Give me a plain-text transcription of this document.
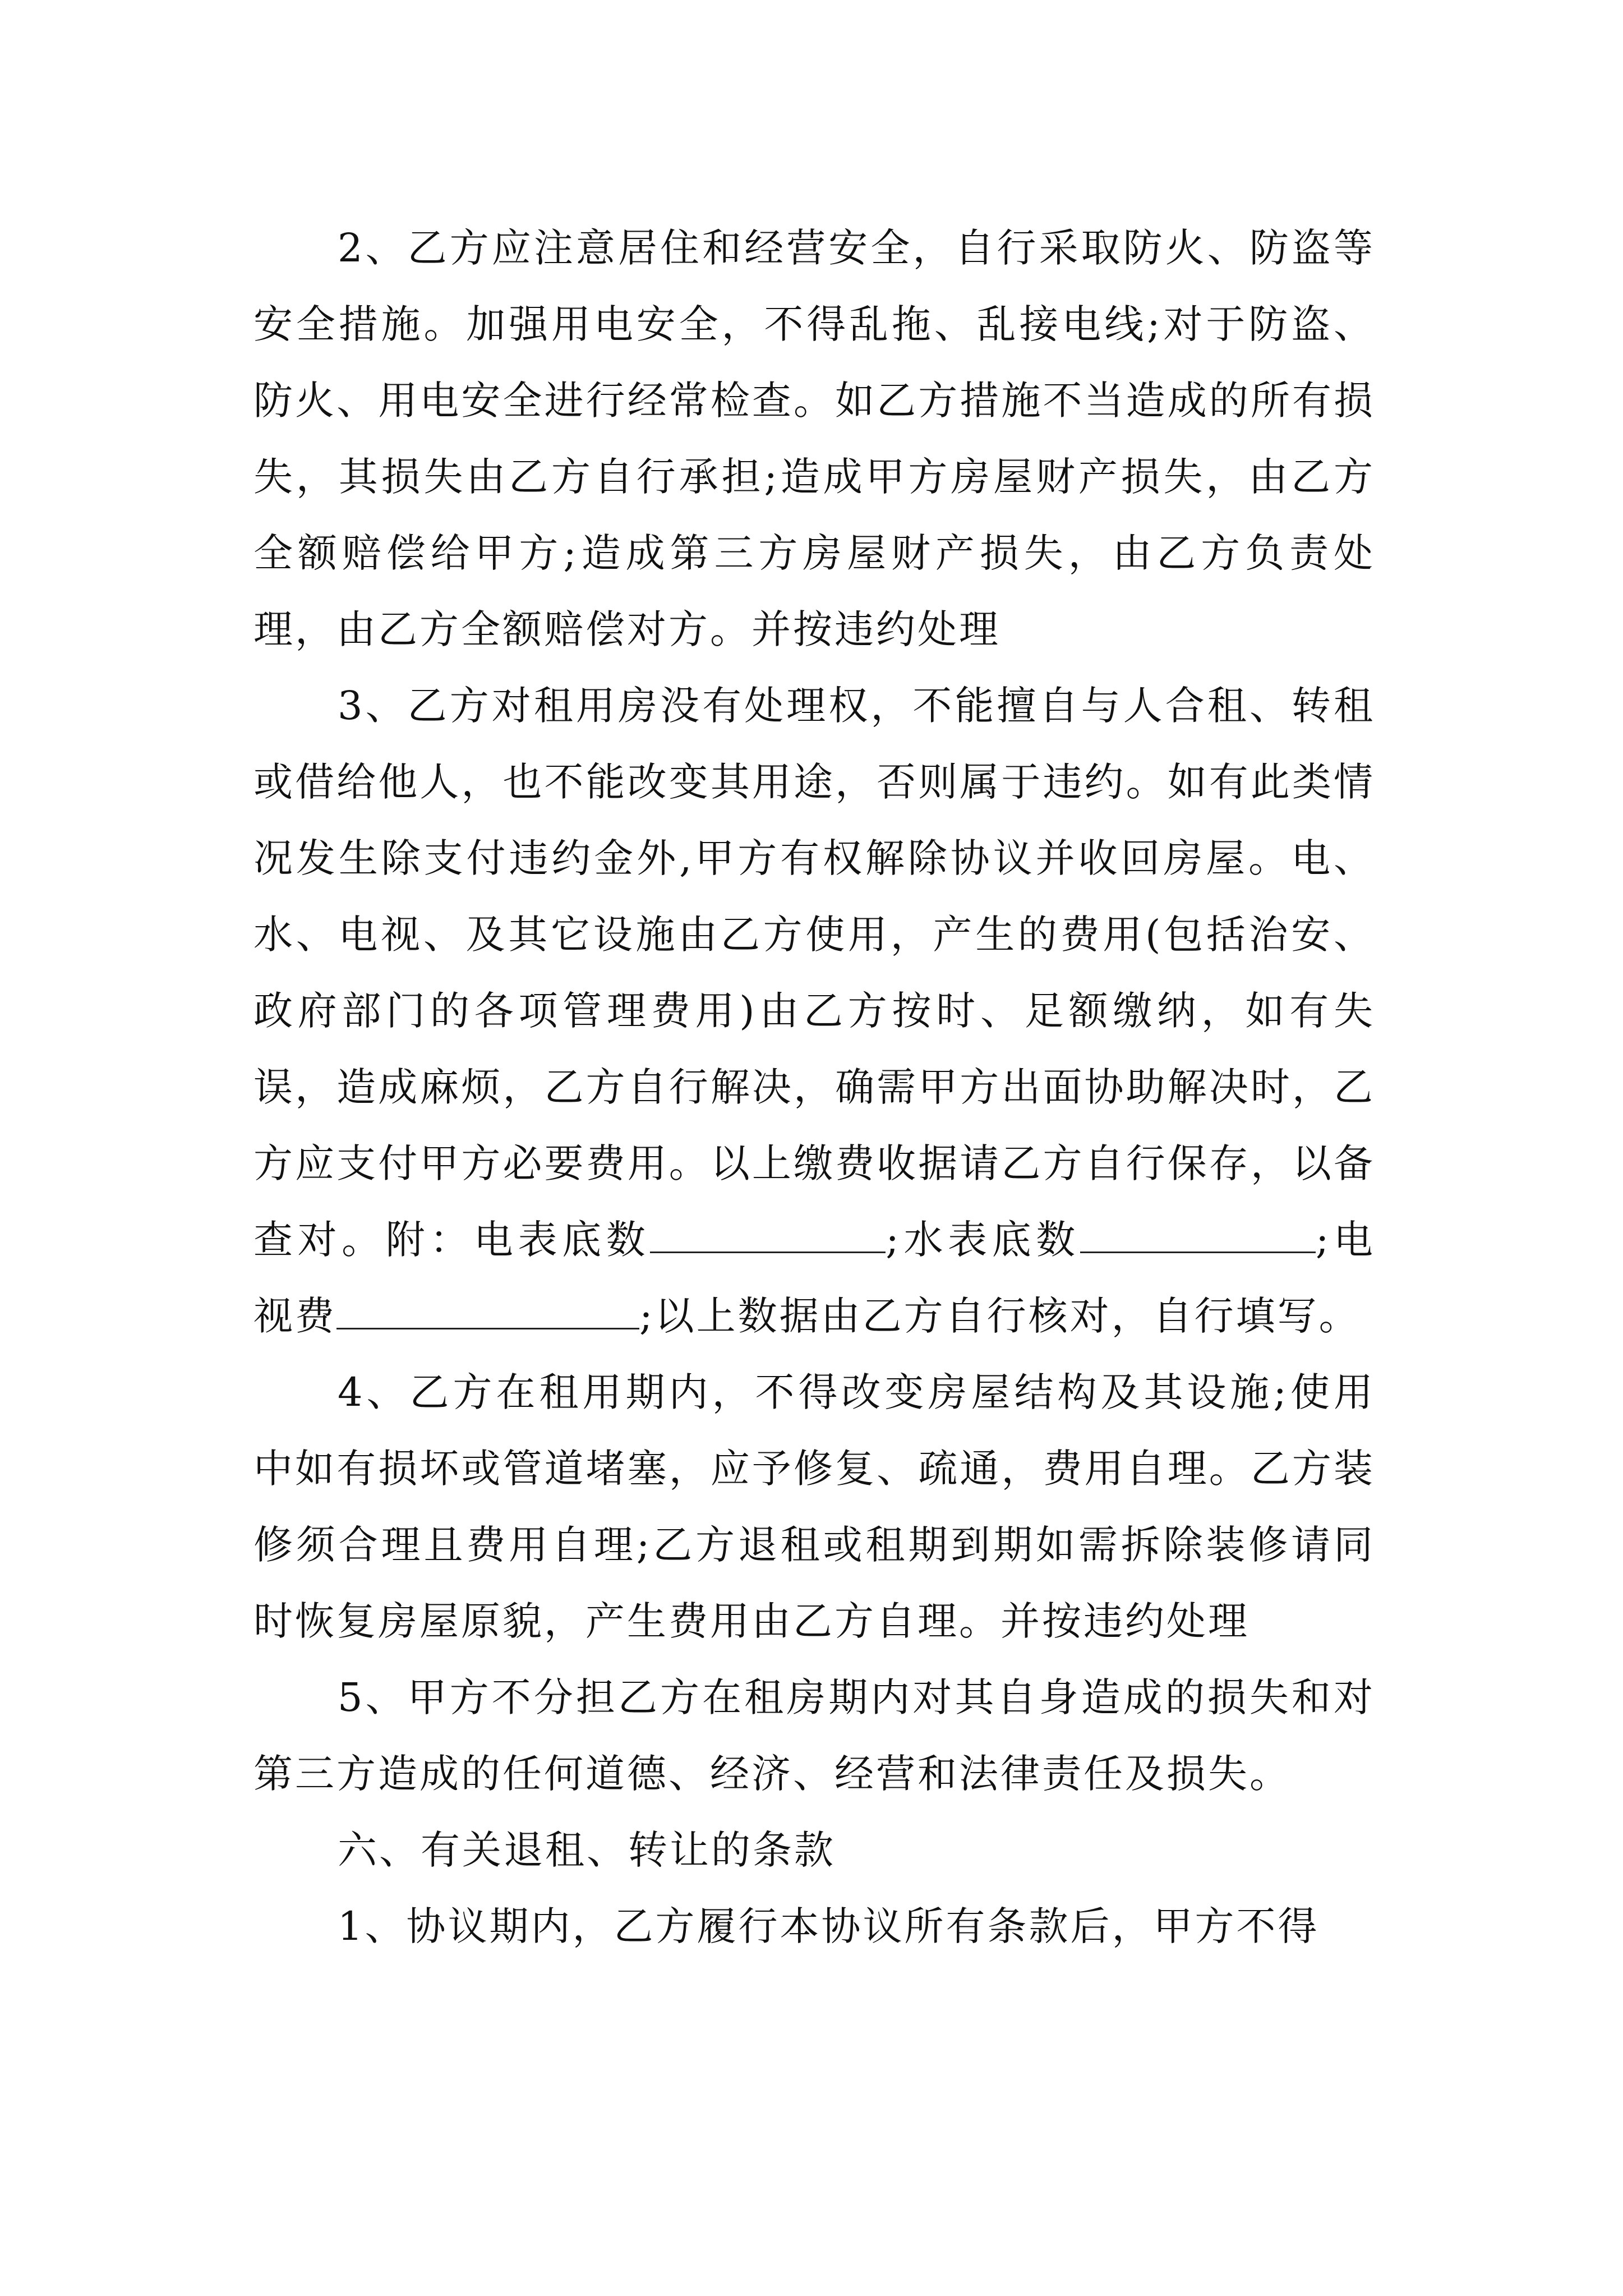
2、乙方应注意居住和经营安全，自行采取防火、防盗等安全措施。加强用电安全，不得乱拖、乱接电线;对于防盗、防火、用电安全进行经常检查。如乙方措施不当造成的所有损失，其损失由乙方自行承担;造成甲方房屋财产损失，由乙方全额赔偿给甲方;造成第三方房屋财产损失，由乙方负责处理，由乙方全额赔偿对方。并按违约处理

3、乙方对租用房没有处理权，不能擅自与人合租、转租或借给他人，也不能改变其用途，否则属于违约。如有此类情况发生除支付违约金外,甲方有权解除协议并收回房屋。电、水、电视、及其它设施由乙方使用，产生的费用(包括治安、政府部门的各项管理费用)由乙方按时、足额缴纳，如有失误，造成麻烦，乙方自行解决，确需甲方出面协助解决时，乙方应支付甲方必要费用。以上缴费收据请乙方自行保存，以备查对。附：电表底数	;水表底数	;电视费	;以上数据由乙方自行核对，自行填写。

4、乙方在租用期内，不得改变房屋结构及其设施;使用中如有损坏或管道堵塞，应予修复、疏通，费用自理。乙方装修须合理且费用自理;乙方退租或租期到期如需拆除装修请同时恢复房屋原貌，产生费用由乙方自理。并按违约处理

5、甲方不分担乙方在租房期内对其自身造成的损失和对第三方造成的任何道德、经济、经营和法律责任及损失。

六、有关退租、转让的条款

1、协议期内，乙方履行本协议所有条款后，甲方不得
